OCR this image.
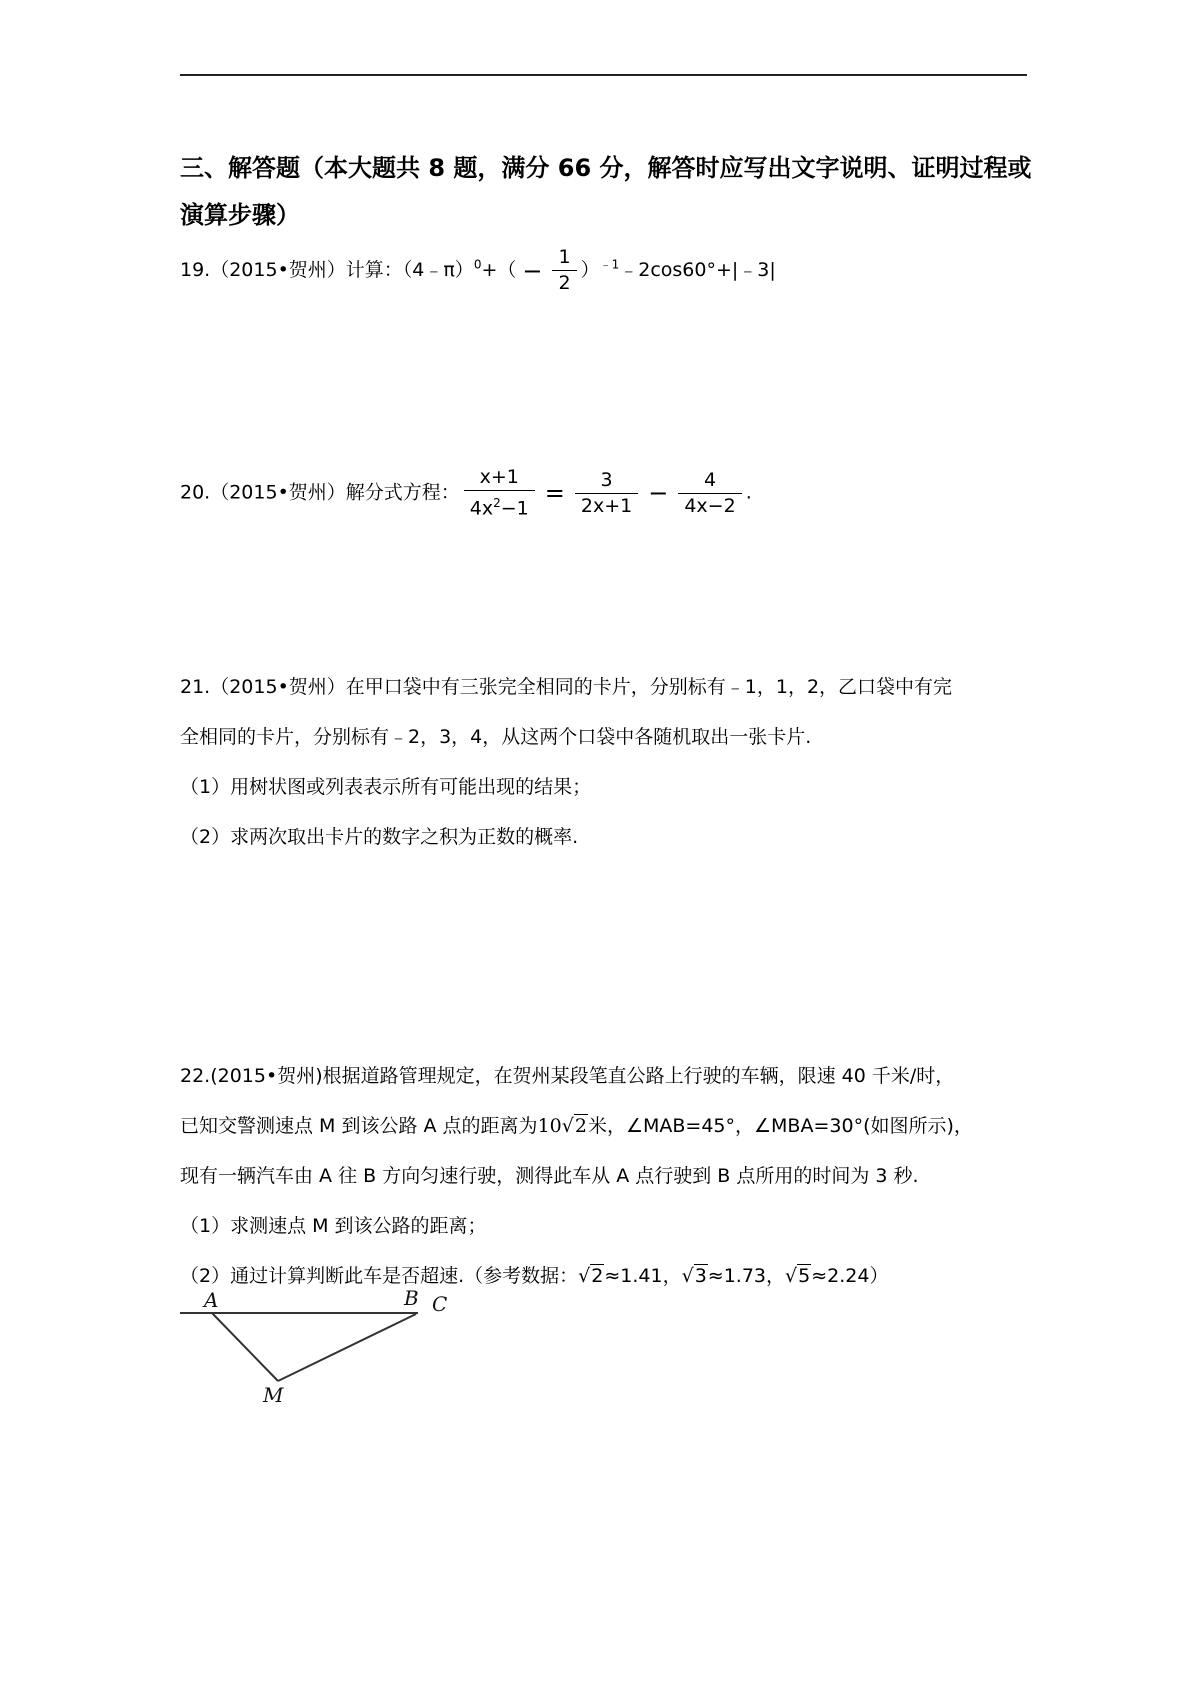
三、解答题（本大题共 8 题，满分 66 分，解答时应写出文字说明、证明过程或
演算步骤）
19.（2015•贺州）计算：（4﹣π）$^0$+（ − $\frac{1}{2}$ ）$^{﹣1}$﹣2cos60°+|﹣3|
20.（2015•贺州）解分式方程： $\frac{x+1}{4x^2-1} = \frac{3}{2x+1} - \frac{4}{4x-2}$ .
21.（2015•贺州）在甲口袋中有三张完全相同的卡片，分别标有﹣1，1，2，乙口袋中有完
全相同的卡片，分别标有﹣2，3，4，从这两个口袋中各随机取出一张卡片.
（1）用树状图或列表表示所有可能出现的结果；
（2）求两次取出卡片的数字之积为正数的概率.
22.(2015•贺州)根据道路管理规定，在贺州某段笔直公路上行驶的车辆，限速 40 千米/时，
已知交警测速点 M 到该公路 A 点的距离为10√2米，∠MAB=45°，∠MBA=30°(如图所示)，
现有一辆汽车由 A 往 B 方向匀速行驶，测得此车从 A 点行驶到 B 点所用的时间为 3 秒.
（1）求测速点 M 到该公路的距离；
（2）通过计算判断此车是否超速.（参考数据：√2≈1.41，√3≈1.73，√5≈2.24）
A	B C
M
